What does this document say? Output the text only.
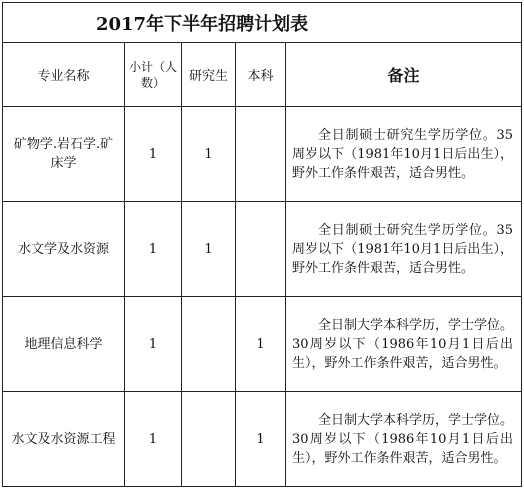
2017年下半年招聘计划表				
专业名称	小计（人数）	研究生	本科	备注
矿物学.岩石学.矿床学	1	1		全日制硕士研究生学历学位。35周岁以下（1981年10月1日后出生），野外工作条件艰苦，适合男性。
水文学及水资源	1	1		全日制硕士研究生学历学位。35周岁以下（1981年10月1日后出生），野外工作条件艰苦，适合男性。
地理信息科学	1		1	全日制大学本科学历，学士学位。30周岁以下（1986年10月1日后出生），野外工作条件艰苦，适合男性。
水文及水资源工程	1		1	全日制大学本科学历，学士学位。30周岁以下（1986年10月1日后出生），野外工作条件艰苦，适合男性。
